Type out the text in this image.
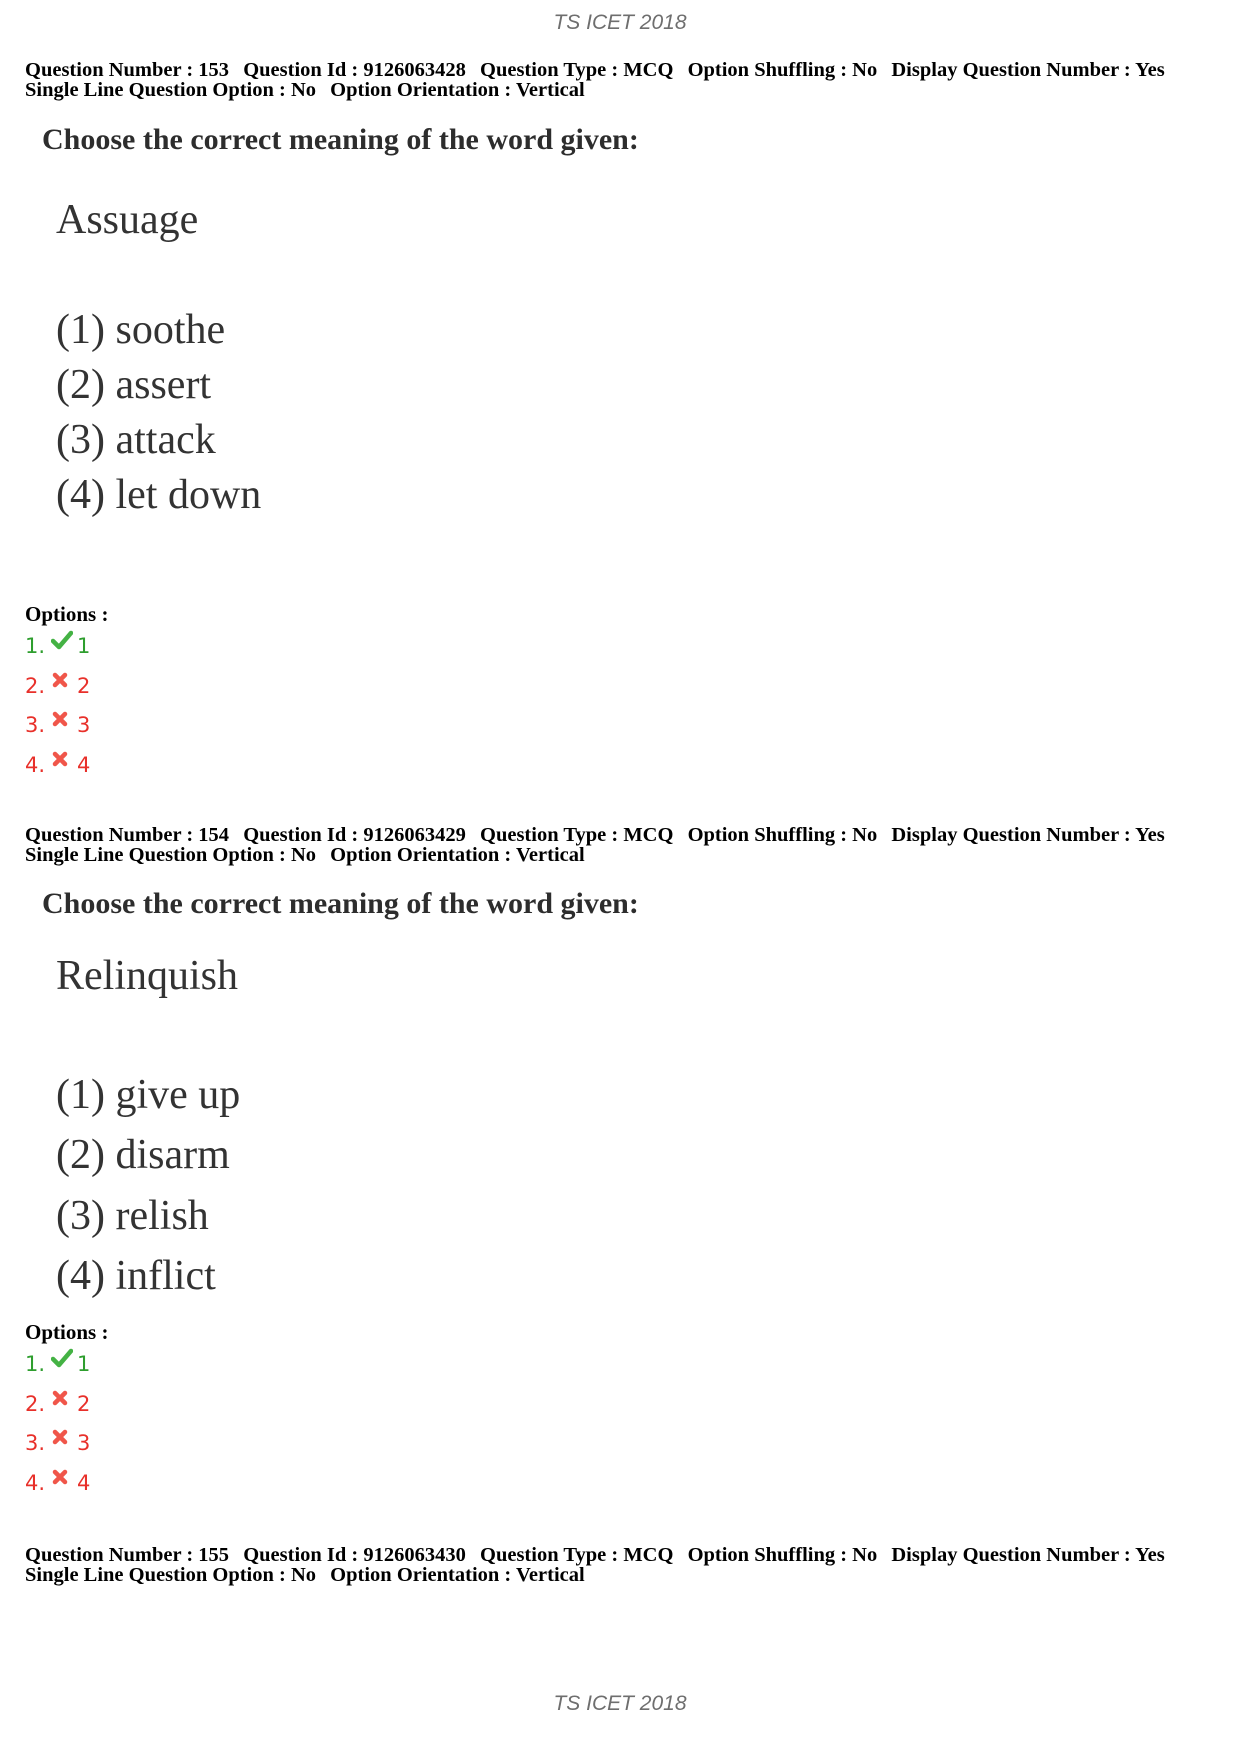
TS ICET 2018
Question Number : 153 Question Id : 9126063428 Question Type : MCQ Option Shuffling : No Display Question Number : Yes
Single Line Question Option : No Option Orientation : Vertical
Choose the correct meaning of the word given:
Assuage
(1) soothe
(2) assert
(3) attack
(4) let down
Options :
1. 1
2. 2
3. 3
4. 4
Question Number : 154 Question Id : 9126063429 Question Type : MCQ Option Shuffling : No Display Question Number : Yes
Single Line Question Option : No Option Orientation : Vertical
Choose the correct meaning of the word given:
Relinquish
(1) give up
(2) disarm
(3) relish
(4) inflict
Options :
1. 1
2. 2
3. 3
4. 4
Question Number : 155 Question Id : 9126063430 Question Type : MCQ Option Shuffling : No Display Question Number : Yes
Single Line Question Option : No Option Orientation : Vertical
TS ICET 2018
